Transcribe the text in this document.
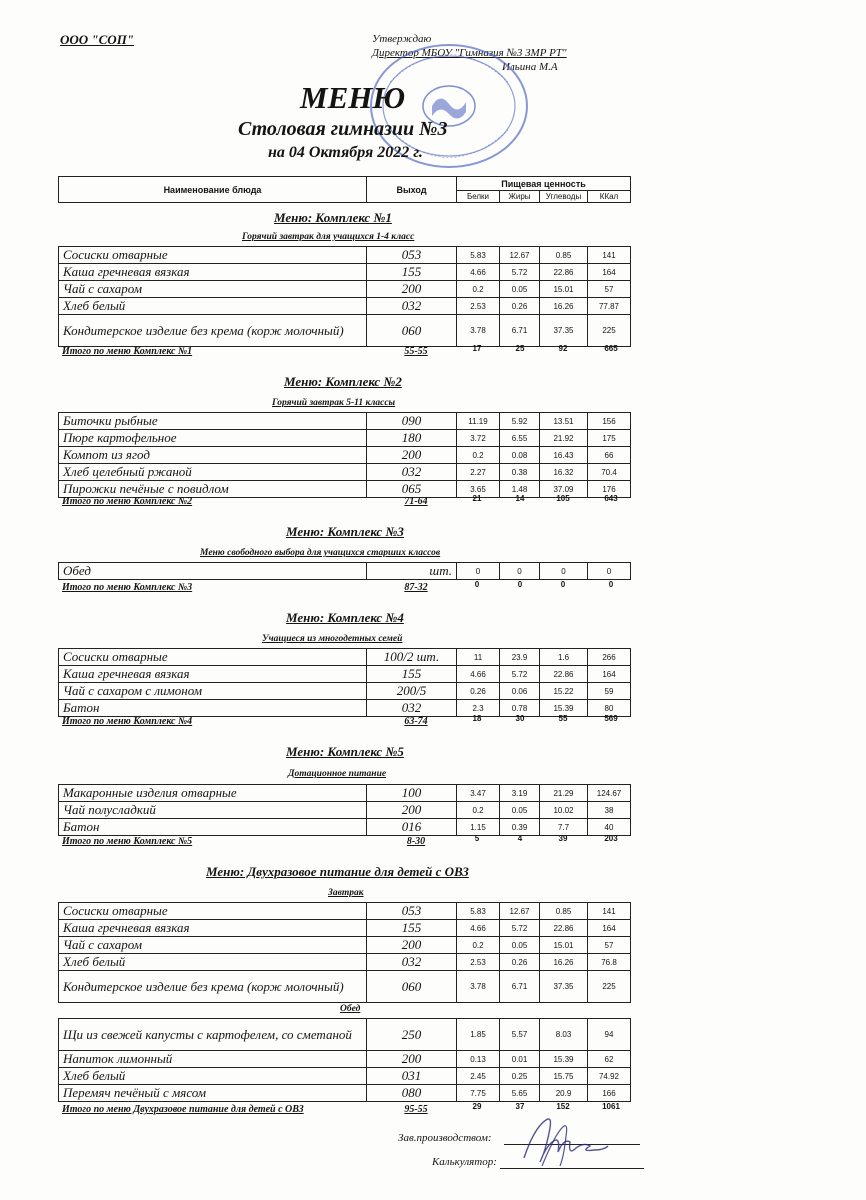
ООО "СОП"	Утверждаю
Директор МБОУ "Гимназия №3 ЗМР РТ"
Ильина М.А
МЕНЮ
Столовая гимназии №3
на 04 Октября 2022 г.
Наименование блюда	Выход	Пищевая ценность			
		Белки	Жиры	Углеводы	ККал
Меню: Комплекс №1
Горячий завтрак для учащихся 1-4 класс
Сосиски отварные	053	5.83	12.67	0.85	141
Каша гречневая вязкая	155	4.66	5.72	22.86	164
Чай с сахаром	200	0.2	0.05	15.01	57
Хлеб белый	032	2.53	0.26	16.26	77.87
Кондитерское изделие без крема (корж молочный)	060	3.78	6.71	37.35	225
Итого по меню Комплекс №1	55-55	17	25	92	665
Меню: Комплекс №2
Горячий завтрак 5-11 классы
Биточки рыбные	090	11.19	5.92	13.51	156
Пюре картофельное	180	3.72	6.55	21.92	175
Компот из ягод	200	0.2	0.08	16.43	66
Хлеб целебный ржаной	032	2.27	0.38	16.32	70.4
Пирожки печёные с повидлом	065	3.65	1.48	37.09	176
Итого по меню Комплекс №2	71-64	21	14	105	643
Меню: Комплекс №3
Меню свободного выбора для учащихся старших классов
Обед	шт.	0	0	0	0
Итого по меню Комплекс №3	87-32	0	0	0	0
Меню: Комплекс №4
Учащиеся из многодетных семей
Сосиски отварные	100/2 шт.	11	23.9	1.6	266
Каша гречневая вязкая	155	4.66	5.72	22.86	164
Чай с сахаром с лимоном	200/5	0.26	0.06	15.22	59
Батон	032	2.3	0.78	15.39	80
Итого по меню Комплекс №4	63-74	18	30	55	569
Меню: Комплекс №5
Дотационное питание
Макаронные изделия отварные	100	3.47	3.19	21.29	124.67
Чай полусладкий	200	0.2	0.05	10.02	38
Батон	016	1.15	0.39	7.7	40
Итого по меню Комплекс №5	8-30	5	4	39	203
Меню: Двухразовое питание для детей с ОВЗ
Завтрак
Сосиски отварные	053	5.83	12.67	0.85	141
Каша гречневая вязкая	155	4.66	5.72	22.86	164
Чай с сахаром	200	0.2	0.05	15.01	57
Хлеб белый	032	2.53	0.26	16.26	76.8
Кондитерское изделие без крема (корж молочный)	060	3.78	6.71	37.35	225
Обед
Щи из свежей капусты с картофелем, со сметаной	250	1.85	5.57	8.03	94
Напиток лимонный	200	0.13	0.01	15.39	62
Хлеб белый	031	2.45	0.25	15.75	74.92
Перемяч печёный с мясом	080	7.75	5.65	20.9	166
Итого по меню Двухразовое питание для детей с ОВЗ	95-55	29	37	152	1061
Зав.производством:
Калькулятор:
